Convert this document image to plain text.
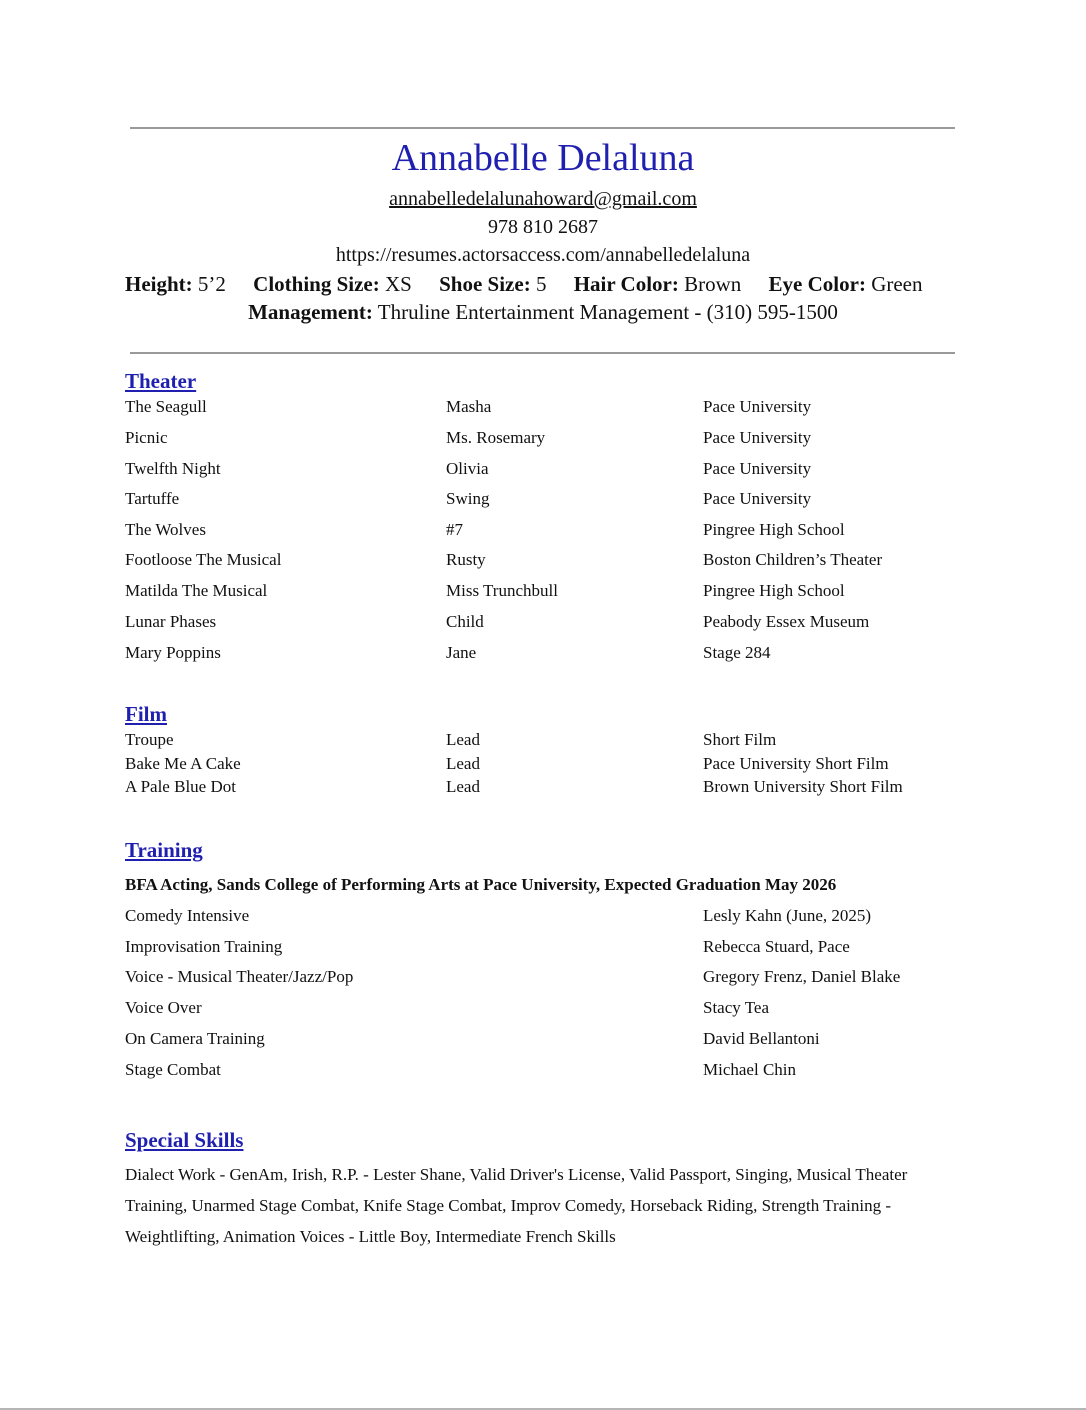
Annabelle Delaluna
annabelledelalunahoward@gmail.com
978 810 2687
https://resumes.actorsaccess.com/annabelledelaluna
Height: 5’2 Clothing Size: XS Shoe Size: 5 Hair Color: Brown Eye Color: Green
Management: Thruline Entertainment Management - (310) 595-1500
Theater
The Seagull	Masha	Pace University
Picnic	Ms. Rosemary	Pace University
Twelfth Night	Olivia	Pace University
Tartuffe	Swing	Pace University
The Wolves	#7	Pingree High School
Footloose The Musical	Rusty	Boston Children’s Theater
Matilda The Musical	Miss Trunchbull	Pingree High School
Lunar Phases	Child	Peabody Essex Museum
Mary Poppins	Jane	Stage 284
Film
Troupe	Lead	Short Film
Bake Me A Cake	Lead	Pace University Short Film
A Pale Blue Dot	Lead	Brown University Short Film
Training
BFA Acting, Sands College of Performing Arts at Pace University, Expected Graduation May 2026
Comedy Intensive	Lesly Kahn (June, 2025)
Improvisation Training	Rebecca Stuard, Pace
Voice - Musical Theater/Jazz/Pop	Gregory Frenz, Daniel Blake
Voice Over	Stacy Tea
On Camera Training	David Bellantoni
Stage Combat	Michael Chin
Special Skills
Dialect Work - GenAm, Irish, R.P. - Lester Shane, Valid Driver's License, Valid Passport, Singing, Musical Theater Training, Unarmed Stage Combat, Knife Stage Combat, Improv Comedy, Horseback Riding, Strength Training - Weightlifting, Animation Voices - Little Boy, Intermediate French Skills
